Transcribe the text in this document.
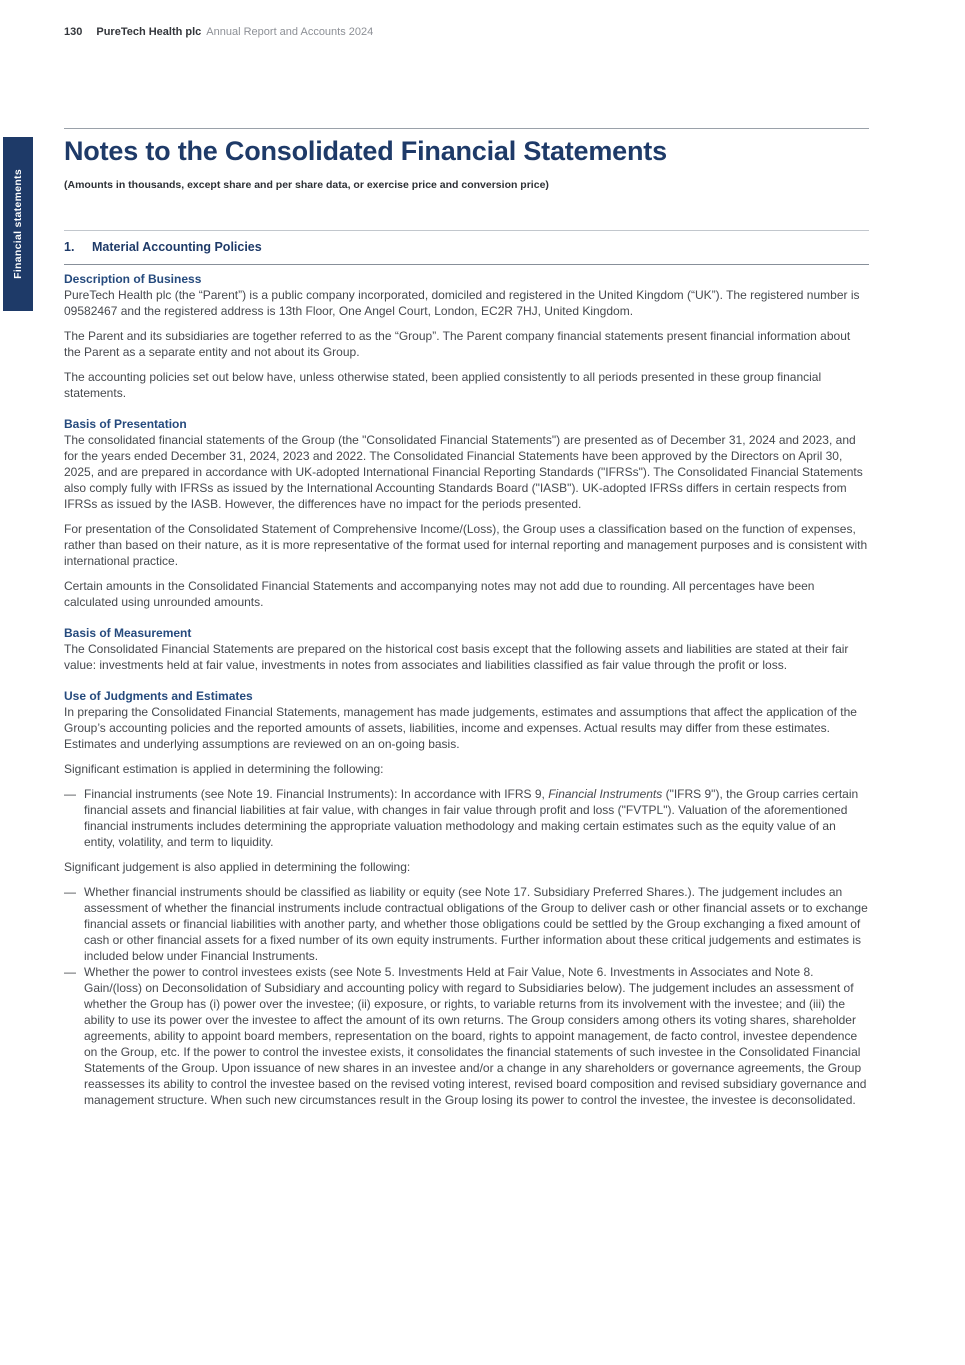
130 PureTech Health plc Annual Report and Accounts 2024
Financial statements
Notes to the Consolidated Financial Statements
(Amounts in thousands, except share and per share data, or exercise price and conversion price)
1.	Material Accounting Policies
Description of Business

PureTech Health plc (the “Parent”) is a public company incorporated, domiciled and registered in the United Kingdom (“UK”). The registered number is 09582467 and the registered address is 13th Floor, One Angel Court, London, EC2R 7HJ, United Kingdom.

The Parent and its subsidiaries are together referred to as the “Group”. The Parent company financial statements present financial information about the Parent as a separate entity and not about its Group.

The accounting policies set out below have, unless otherwise stated, been applied consistently to all periods presented in these group financial statements.

Basis of Presentation

The consolidated financial statements of the Group (the "Consolidated Financial Statements") are presented as of December 31, 2024 and 2023, and for the years ended December 31, 2024, 2023 and 2022. The Consolidated Financial Statements have been approved by the Directors on April 30, 2025, and are prepared in accordance with UK-adopted International Financial Reporting Standards ("IFRSs"). The Consolidated Financial Statements also comply fully with IFRSs as issued by the International Accounting Standards Board ("IASB"). UK-adopted IFRSs differs in certain respects from IFRSs as issued by the IASB. However, the differences have no impact for the periods presented.

For presentation of the Consolidated Statement of Comprehensive Income/(Loss), the Group uses a classification based on the function of expenses, rather than based on their nature, as it is more representative of the format used for internal reporting and management purposes and is consistent with international practice.

Certain amounts in the Consolidated Financial Statements and accompanying notes may not add due to rounding. All percentages have been calculated using unrounded amounts.

Basis of Measurement

The Consolidated Financial Statements are prepared on the historical cost basis except that the following assets and liabilities are stated at their fair value: investments held at fair value, investments in notes from associates and liabilities classified as fair value through the profit or loss.

Use of Judgments and Estimates

In preparing the Consolidated Financial Statements, management has made judgements, estimates and assumptions that affect the application of the Group’s accounting policies and the reported amounts of assets, liabilities, income and expenses. Actual results may differ from these estimates. Estimates and underlying assumptions are reviewed on an on-going basis.

Significant estimation is applied in determining the following:

— Financial instruments (see Note 19. Financial Instruments): In accordance with IFRS 9, Financial Instruments ("IFRS 9"), the Group carries certain financial assets and financial liabilities at fair value, with changes in fair value through profit and loss ("FVTPL"). Valuation of the aforementioned financial instruments includes determining the appropriate valuation methodology and making certain estimates such as the equity value of an entity, volatility, and term to liquidity.

Significant judgement is also applied in determining the following:

— Whether financial instruments should be classified as liability or equity (see Note 17. Subsidiary Preferred Shares.). The judgement includes an assessment of whether the financial instruments include contractual obligations of the Group to deliver cash or other financial assets or to exchange financial assets or financial liabilities with another party, and whether those obligations could be settled by the Group exchanging a fixed amount of cash or other financial assets for a fixed number of its own equity instruments. Further information about these critical judgements and estimates is included below under Financial Instruments.
— Whether the power to control investees exists (see Note 5. Investments Held at Fair Value, Note 6. Investments in Associates and Note 8. Gain/(loss) on Deconsolidation of Subsidiary and accounting policy with regard to Subsidiaries below). The judgement includes an assessment of whether the Group has (i) power over the investee; (ii) exposure, or rights, to variable returns from its involvement with the investee; and (iii) the ability to use its power over the investee to affect the amount of its own returns. The Group considers among others its voting shares, shareholder agreements, ability to appoint board members, representation on the board, rights to appoint management, de facto control, investee dependence on the Group, etc. If the power to control the investee exists, it consolidates the financial statements of such investee in the Consolidated Financial Statements of the Group. Upon issuance of new shares in an investee and/or a change in any shareholders or governance agreements, the Group reassesses its ability to control the investee based on the revised voting interest, revised board composition and revised subsidiary governance and management structure. When such new circumstances result in the Group losing its power to control the investee, the investee is deconsolidated.
